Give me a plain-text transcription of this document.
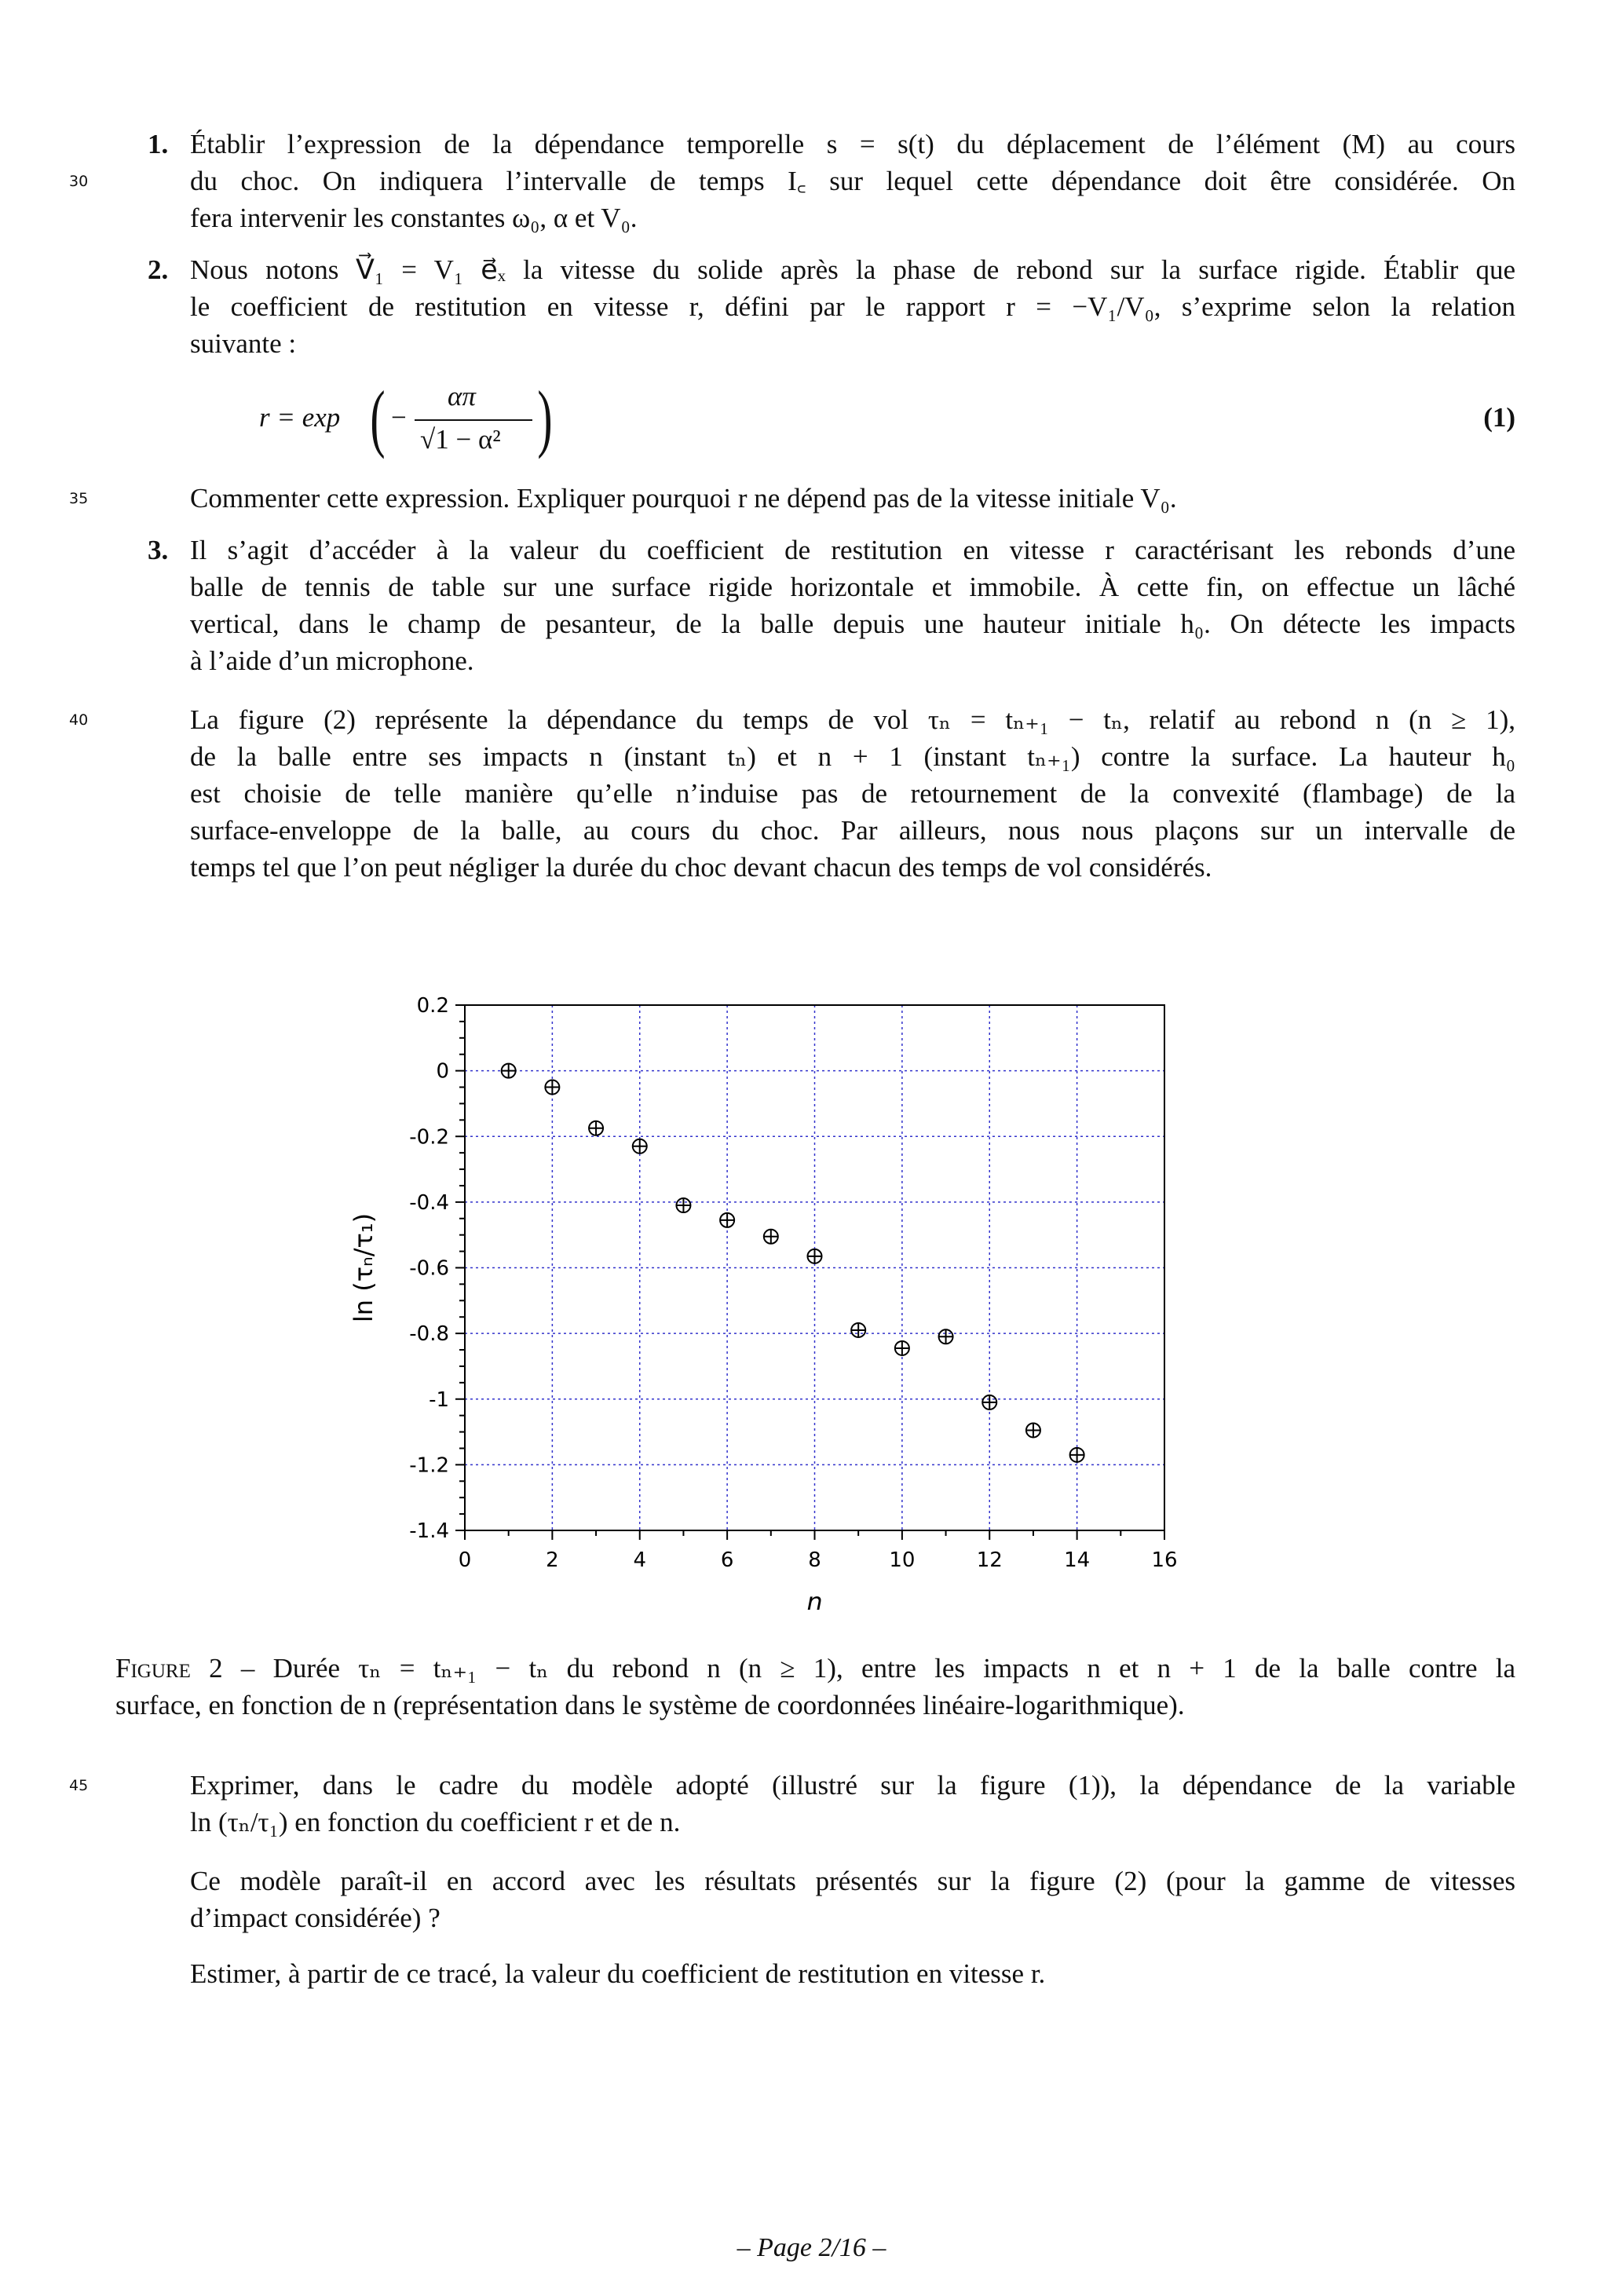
30
35
40
45
1. Établir l’expression de la dépendance temporelle s = s(t) du déplacement de l’élément (M) au cours
du choc. On indiquera l’intervalle de temps I꜀ sur lequel cette dépendance doit être considérée. On
fera intervenir les constantes ω₀, α et V₀.
2. Nous notons V⃗₁ = V₁ e⃗ₓ la vitesse du solide après la phase de rebond sur la surface rigide. Établir que
le coefficient de restitution en vitesse r, défini par le rapport r = −V₁/V₀, s’exprime selon la relation
suivante :
r = exp ( −
απ
√1 − α² )	(1)
Commenter cette expression. Expliquer pourquoi r ne dépend pas de la vitesse initiale V₀.
3. Il s’agit d’accéder à la valeur du coefficient de restitution en vitesse r caractérisant les rebonds d’une
balle de tennis de table sur une surface rigide horizontale et immobile. À cette fin, on effectue un lâché
vertical, dans le champ de pesanteur, de la balle depuis une hauteur initiale h₀. On détecte les impacts
à l’aide d’un microphone.
La figure (2) représente la dépendance du temps de vol τₙ = tₙ₊₁ − tₙ, relatif au rebond n (n ≥ 1),
de la balle entre ses impacts n (instant tₙ) et n + 1 (instant tₙ₊₁) contre la surface. La hauteur h₀
est choisie de telle manière qu’elle n’induise pas de retournement de la convexité (flambage) de la
surface-enveloppe de la balle, au cours du choc. Par ailleurs, nous nous plaçons sur un intervalle de
temps tel que l’on peut négliger la durée du choc devant chacun des temps de vol considérés.
0	2	4	6	8	10	12	14	16
0.2
0
-0.2
-0.4
-0.6
-0.8
-1
-1.2
-1.4
n
ln (τₙ/τ₁)
Figure 2 – Durée τₙ = tₙ₊₁ − tₙ du rebond n (n ≥ 1), entre les impacts n et n + 1 de la balle contre la
surface, en fonction de n (représentation dans le système de coordonnées linéaire-logarithmique).
Exprimer, dans le cadre du modèle adopté (illustré sur la figure (1)), la dépendance de la variable
ln (τₙ/τ₁) en fonction du coefficient r et de n.
Ce modèle paraît-il en accord avec les résultats présentés sur la figure (2) (pour la gamme de vitesses
d’impact considérée) ?
Estimer, à partir de ce tracé, la valeur du coefficient de restitution en vitesse r.
– Page 2/16 –
